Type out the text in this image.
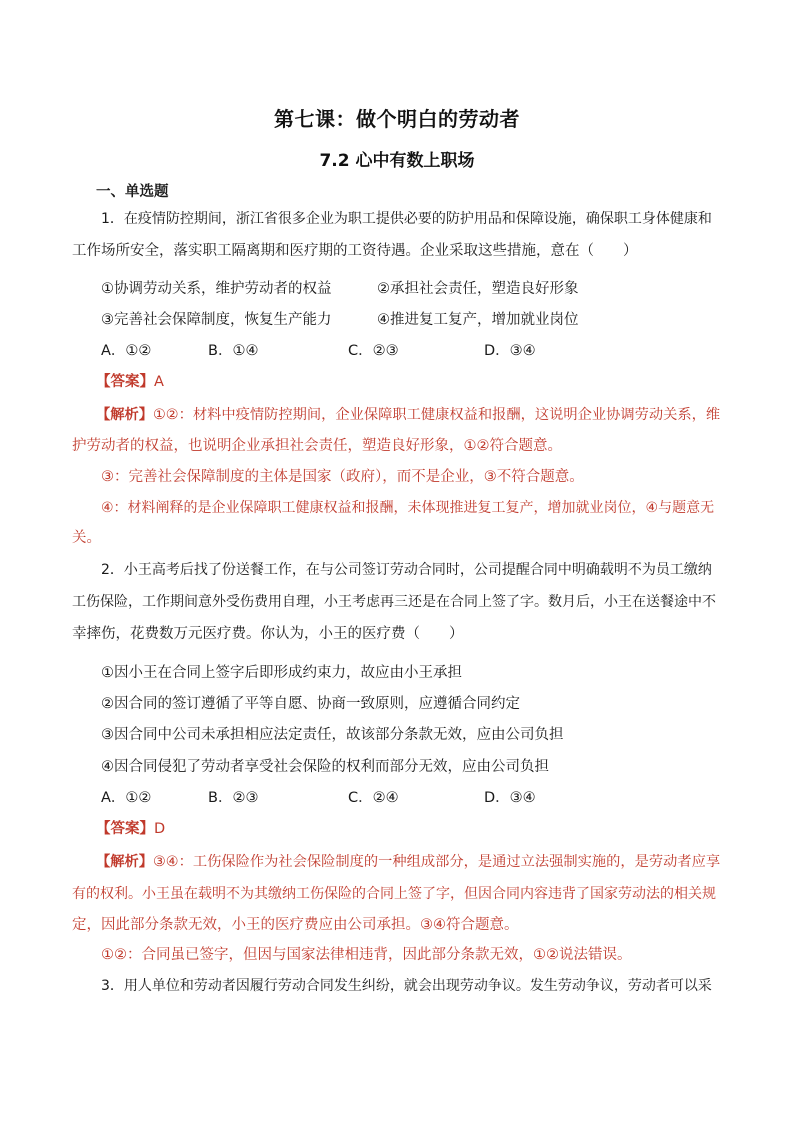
第七课：做个明白的劳动者
7.2 心中有数上职场
一、单选题
1．在疫情防控期间，浙江省很多企业为职工提供必要的防护用品和保障设施，确保职工身体健康和
工作场所安全，落实职工隔离期和医疗期的工资待遇。企业采取这些措施，意在（　　）
①协调劳动关系，维护劳动者的权益	②承担社会责任，塑造良好形象
③完善社会保障制度，恢复生产能力	④推进复工复产，增加就业岗位
A．①②	B．①④	C．②③	D．③④
【答案】A
【解析】①②：材料中疫情防控期间，企业保障职工健康权益和报酬，这说明企业协调劳动关系，维
护劳动者的权益，也说明企业承担社会责任，塑造良好形象，①②符合题意。
③：完善社会保障制度的主体是国家（政府），而不是企业，③不符合题意。
④：材料阐释的是企业保障职工健康权益和报酬，未体现推进复工复产，增加就业岗位，④与题意无
关。
2．小王高考后找了份送餐工作，在与公司签订劳动合同时，公司提醒合同中明确载明不为员工缴纳
工伤保险，工作期间意外受伤费用自理，小王考虑再三还是在合同上签了字。数月后，小王在送餐途中不
幸摔伤，花费数万元医疗费。你认为，小王的医疗费（　　）
①因小王在合同上签字后即形成约束力，故应由小王承担
②因合同的签订遵循了平等自愿、协商一致原则，应遵循合同约定
③因合同中公司未承担相应法定责任，故该部分条款无效，应由公司负担
④因合同侵犯了劳动者享受社会保险的权利而部分无效，应由公司负担
A．①②	B．②③	C．②④	D．③④
【答案】D
【解析】③④：工伤保险作为社会保险制度的一种组成部分，是通过立法强制实施的，是劳动者应享
有的权利。小王虽在载明不为其缴纳工伤保险的合同上签了字，但因合同内容违背了国家劳动法的相关规
定，因此部分条款无效，小王的医疗费应由公司承担。③④符合题意。
①②：合同虽已签字，但因与国家法律相违背，因此部分条款无效，①②说法错误。
3．用人单位和劳动者因履行劳动合同发生纠纷，就会出现劳动争议。发生劳动争议，劳动者可以采
